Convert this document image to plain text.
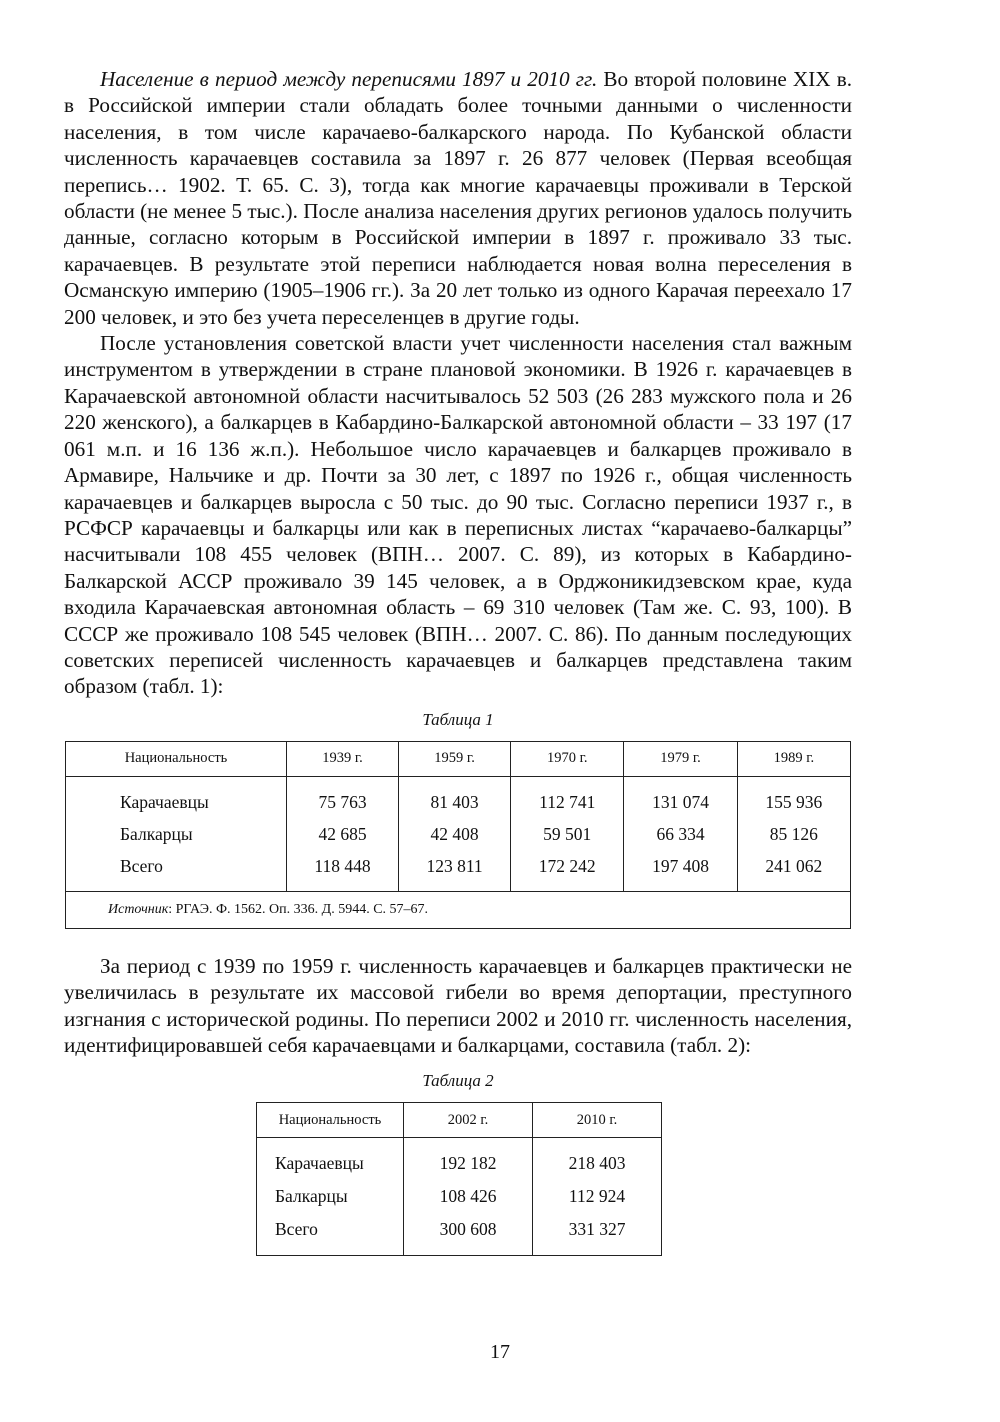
Население в период между переписями 1897 и 2010 гг. Во второй половине XIX в. в Российской империи стали обладать более точными данными о численности населения, в том числе карачаево-балкарского народа. По Кубанской области численность карачаевцев составила за 1897 г. 26 877 человек (Первая всеобщая перепись… 1902. Т. 65. С. 3), тогда как многие карачаевцы проживали в Терской области (не менее 5 тыс.). После анализа населения других регионов удалось получить данные, согласно которым в Российской империи в 1897 г. проживало 33 тыс. карачаевцев. В результате этой переписи наблюдается новая волна переселения в Османскую империю (1905–1906 гг.). За 20 лет только из одного Карачая переехало 17 200 человек, и это без учета переселенцев в другие годы.

После установления советской власти учет численности населения стал важным инструментом в утверждении в стране плановой экономики. В 1926 г. карачаевцев в Карачаевской автономной области насчитывалось 52 503 (26 283 мужского пола и 26 220 женского), а балкарцев в Кабардино-Балкарской автономной области – 33 197 (17 061 м.п. и 16 136 ж.п.). Небольшое число карачаевцев и балкарцев проживало в Армавире, Нальчике и др. Почти за 30 лет, с 1897 по 1926 г., общая численность карачаевцев и балкарцев выросла с 50 тыс. до 90 тыс. Согласно переписи 1937 г., в РСФСР карачаевцы и балкарцы или как в переписных листах “карачаево-балкарцы” насчитывали 108 455 человек (ВПН… 2007. С. 89), из которых в Кабардино-Балкарской АССР проживало 39 145 человек, а в Орджоникидзевском крае, куда входила Карачаевская автономная область – 69 310 человек (Там же. С. 93, 100). В СССР же проживало 108 545 человек (ВПН… 2007. С. 86). По данным последующих советских переписей численность карачаевцев и балкарцев представлена таким образом (табл. 1):

Таблица 1

Национальность	1939 г.	1959 г.	1970 г.	1979 г.	1989 г.
Карачаевцы	75 763	81 403	112 741	131 074	155 936
Балкарцы	42 685	42 408	59 501	66 334	85 126
Всего	118 448	123 811	172 242	197 408	241 062
Источник: РГАЭ. Ф. 1562. Оп. 336. Д. 5944. С. 57–67.					

За период с 1939 по 1959 г. численность карачаевцев и балкарцев практически не увеличилась в результате их массовой гибели во время депортации, преступного изгнания с исторической родины. По переписи 2002 и 2010 гг. численность населения, идентифицировавшей себя карачаевцами и балкарцами, составила (табл. 2):

Таблица 2

Национальность	2002 г.	2010 г.
Карачаевцы	192 182	218 403
Балкарцы	108 426	112 924
Всего	300 608	331 327
17
